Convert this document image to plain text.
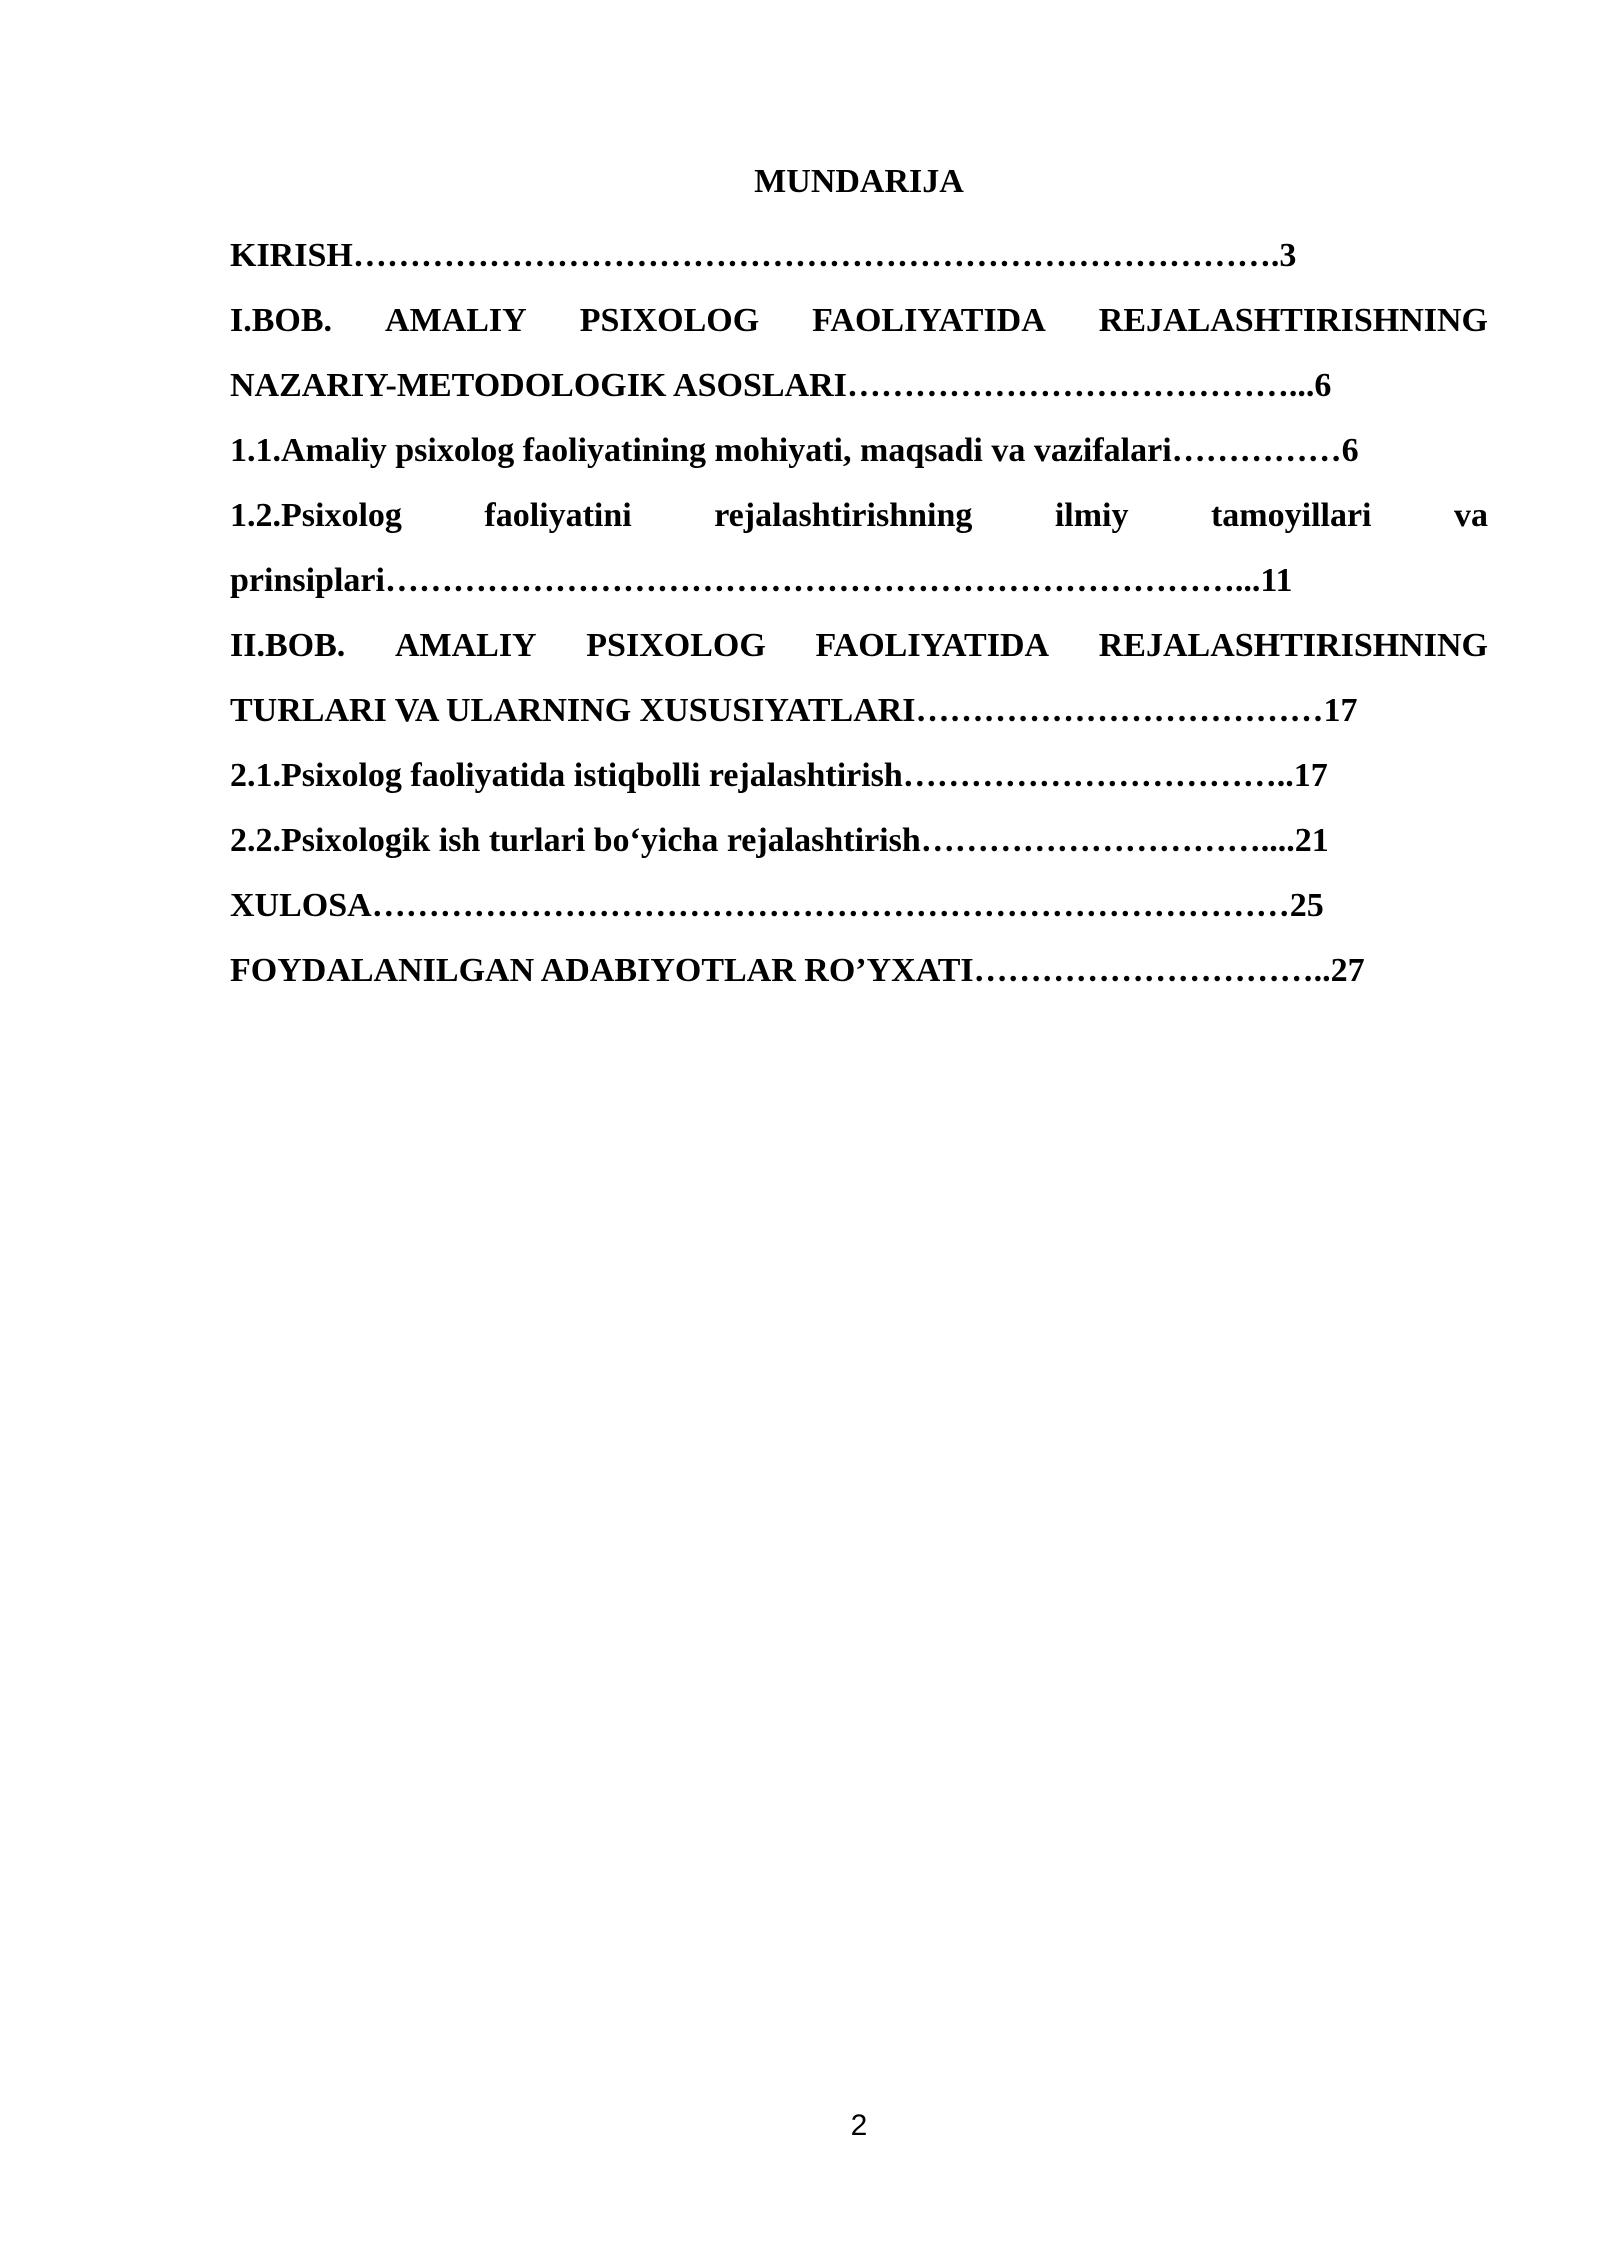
MUNDARIJA
KIRISH……………………………………………………………………….3
I.BOB. AMALIY PSIXOLOG FAOLIYATIDA REJALASHTIRISHNING
NAZARIY-METODOLOGIK ASOSLARI…………………………………...6
1.1.Amaliy psixolog faoliyatining mohiyati, maqsadi va vazifalari……………6
1.2.Psixolog faoliyatini rejalashtirishning ilmiy tamoyillari va
prinsiplari…………………………………………………………………...11
II.BOB. AMALIY PSIXOLOG FAOLIYATIDA REJALASHTIRISHNING
TURLARI VA ULARNING XUSUSIYATLARI………………………………17
2.1.Psixolog faoliyatida istiqbolli rejalashtirish……………………………..17
2.2.Psixologik ish turlari bo‘yicha rejalashtirish…………………………....21
XULOSA………………………………………………………………………25
FOYDALANILGAN ADABIYOTLAR RO’YXATI…………………………..27
2
